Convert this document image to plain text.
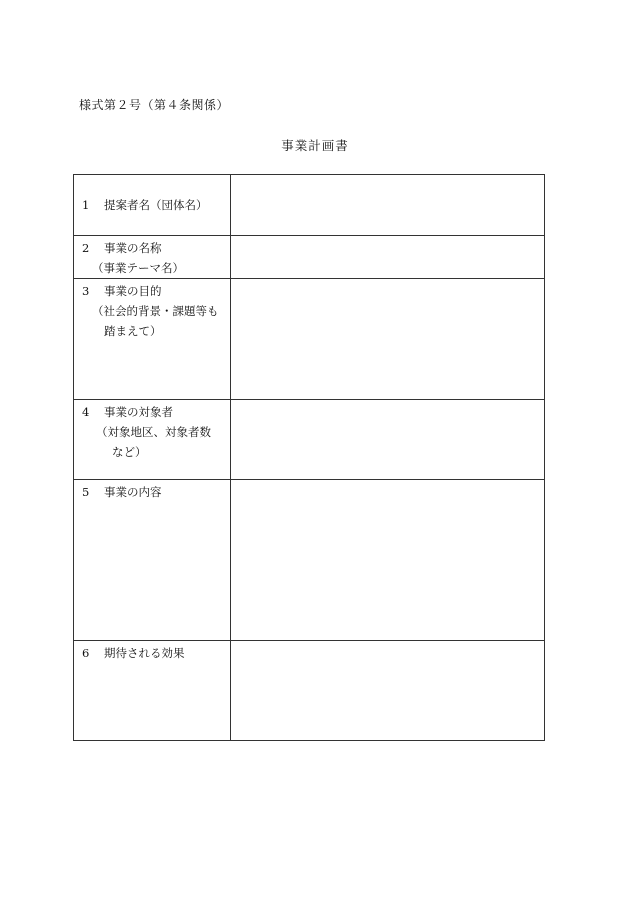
様式第２号（第４条関係）
事業計画書
1 提案者名（団体名）	

2 事業の名称
（事業テーマ名）	

3 事業の目的
（社会的背景・課題等も
踏まえて）	

4 事業の対象者
（対象地区、対象者数
など）	

5 事業の内容	

6 期待される効果	
